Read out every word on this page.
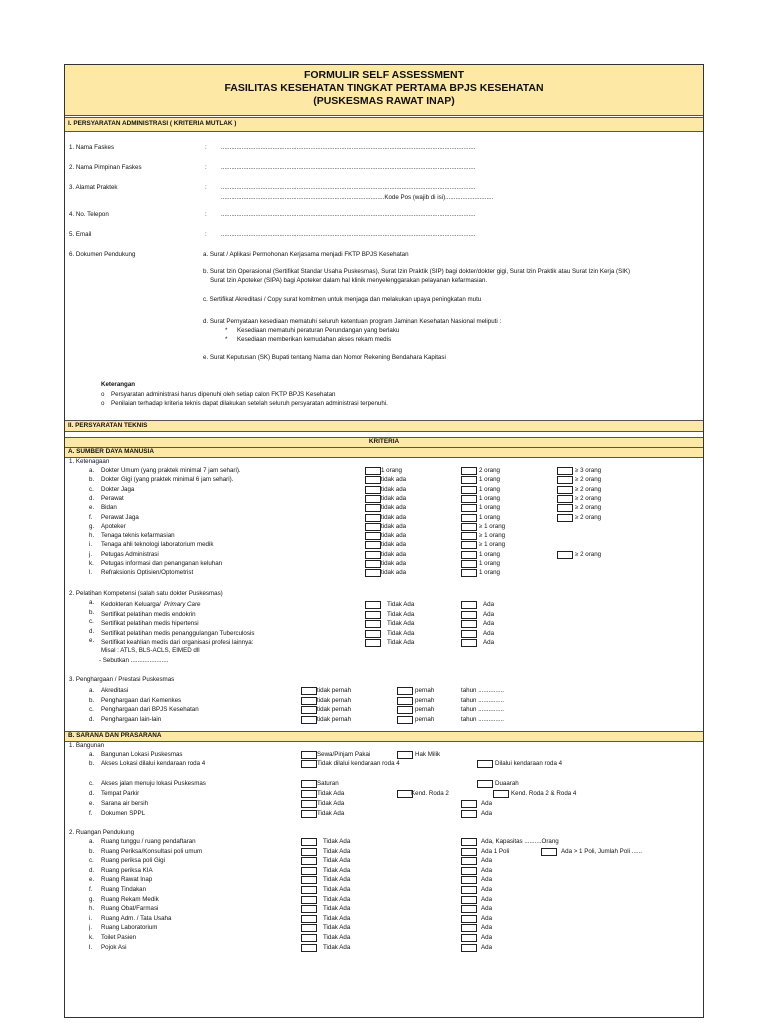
FORMULIR SELF ASSESSMENT
FASILITAS KESEHATAN TINGKAT PERTAMA BPJS KESEHATAN
(PUSKESMAS RAWAT INAP)
I. PERSYARATAN ADMINISTRASI ( KRITERIA MUTLAK )
...............................................................................................Kode Pos (wajib di isi)............................
6. Dokumen Pendukung	a. Surat / Aplikasi Permohonan Kerjasama menjadi FKTP BPJS Kesehatan
b. Surat Izin Operasional (Sertifikat Standar Usaha Puskesmas), Surat Izin Praktik (SIP) bagi dokter/dokter gigi, Surat Izin Praktik atau Surat Izin Kerja (SIK)
Surat Izin Apoteker (SIPA) bagi Apoteker dalam hal klinik menyelenggarakan pelayanan kefarmasian.
c. Sertifikat Akreditasi / Copy surat komitmen untuk menjaga dan melakukan upaya peningkatan mutu
d. Surat Pernyataan kesediaan mematuhi seluruh ketentuan program Jaminan Kesehatan Nasional meliputi :
* Kesediaan mematuhi peraturan Perundangan yang berlaku
* Kesediaan memberikan kemudahan akses rekam medis
e. Surat Keputusan (SK) Bupati tentang Nama dan Nomor Rekening Bendahara Kapitasi
Keterangan
o Persyaratan administrasi harus dipenuhi oleh setiap calon FKTP BPJS Kesehatan
o Penilaian terhadap kriteria teknis dapat dilakukan setelah seluruh persyaratan administrasi terpenuhi.
II. PERSYARATAN TEKNIS
KRITERIA
A. SUMBER DAYA MANUSIA
1. Ketenagaan
2. Pelatihan Kompetensi (salah satu dokter Puskesmas)
Misal : ATLS, BLS-ACLS, EIMED dll
- Sebutkan ......................
3. Penghargaan / Prestasi Puskesmas
B. SARANA DAN PRASARANA
1. Bangunan
a. Bangunan Lokasi Puskesmas	Sewa/Pinjam Pakai	Hak Milik
b. Akses Lokasi dilalui kendaraan roda 4	Tidak dilalui kendaraan roda 4	Dilalui kendaraan roda 4
c. Akses jalan menuju lokasi Puskesmas	Saturan	Duaarah
d. Tempat Parkir	Tidak Ada	Kend. Roda 2	Kend. Roda 2 & Roda 4
e. Sarana air bersih	Tidak Ada	Ada
f. Dokumen SPPL	Tidak Ada	Ada
2. Ruangan Pendukung
1. Nama Faskes	: ....................................................................................................................................................
2. Nama Pimpinan Faskes	: ....................................................................................................................................................
3. Alamat Praktek	: ....................................................................................................................................................
4. No. Telepon	: ....................................................................................................................................................
5. Email	: ....................................................................................................................................................
a. Dokter Umum (yang praktek minimal 7 jam sehari).	1 orang	2 orang	≥ 3 orang
b. Dokter Gigi (yang praktek minimal 6 jam sehari).	tidak ada	1 orang	≥ 2 orang
c. Dokter Jaga	tidak ada	1 orang	≥ 2 orang
d. Perawat	tidak ada	1 orang	≥ 2 orang
e. Bidan	tidak ada	1 orang	≥ 2 orang
f. Perawat Jaga	tidak ada	1 orang	≥ 2 orang
g. Apoteker	tidak ada	≥ 1 orang
h. Tenaga teknis kefarmasian	tidak ada	≥ 1 orang
i. Tenaga ahli teknologi laboratorium medik	tidak ada	≥ 1 orang
j. Petugas Administrasi	tidak ada	1 orang	≥ 2 orang
k. Petugas informasi dan penanganan keluhan	tidak ada	1 orang
l. Refraksionis Optisien/Optometrist	tidak ada	1 orang
a. Kedokteran Keluarga/ Primary Care	Tidak Ada	Ada
b. Sertifikat pelatihan medis endokrin	Tidak Ada	Ada
c. Sertifikat pelatihan medis hipertensi	Tidak Ada	Ada
d. Sertifikat pelatihan medis penanggulangan Tuberculosis	Tidak Ada	Ada
e. Sertifikat keahlian medis dari organisasi profesi lainnya:	Tidak Ada	Ada
a. Akreditasi	tidak pernah	pernah	tahun ...............
b. Penghargaan dari Kemenkes	tidak pernah	pernah	tahun ...............
c. Penghargaan dari BPJS Kesehatan	tidak pernah	pernah	tahun ...............
d. Penghargaan lain-lain	tidak pernah	pernah	tahun ...............
a. Ruang tunggu / ruang pendaftaran	Tidak Ada	Ada, Kapasitas ..........Orang
b. Ruang Periksa/Konsultasi poli umum	Tidak Ada	Ada 1 Poli	Ada > 1 Poli, Jumlah Poli ......
c. Ruang periksa poli Gigi	Tidak Ada	Ada
d. Ruang periksa KIA	Tidak Ada	Ada
e. Ruang Rawat Inap	Tidak Ada	Ada
f. Ruang Tindakan	Tidak Ada	Ada
g. Ruang Rekam Medik	Tidak Ada	Ada
h. Ruang Obat/Farmasi	Tidak Ada	Ada
i. Ruang Adm. / Tata Usaha	Tidak Ada	Ada
j. Ruang Laboratorium	Tidak Ada	Ada
k. Toilet Pasien	Tidak Ada	Ada
l. Pojok Asi	Tidak Ada	Ada
